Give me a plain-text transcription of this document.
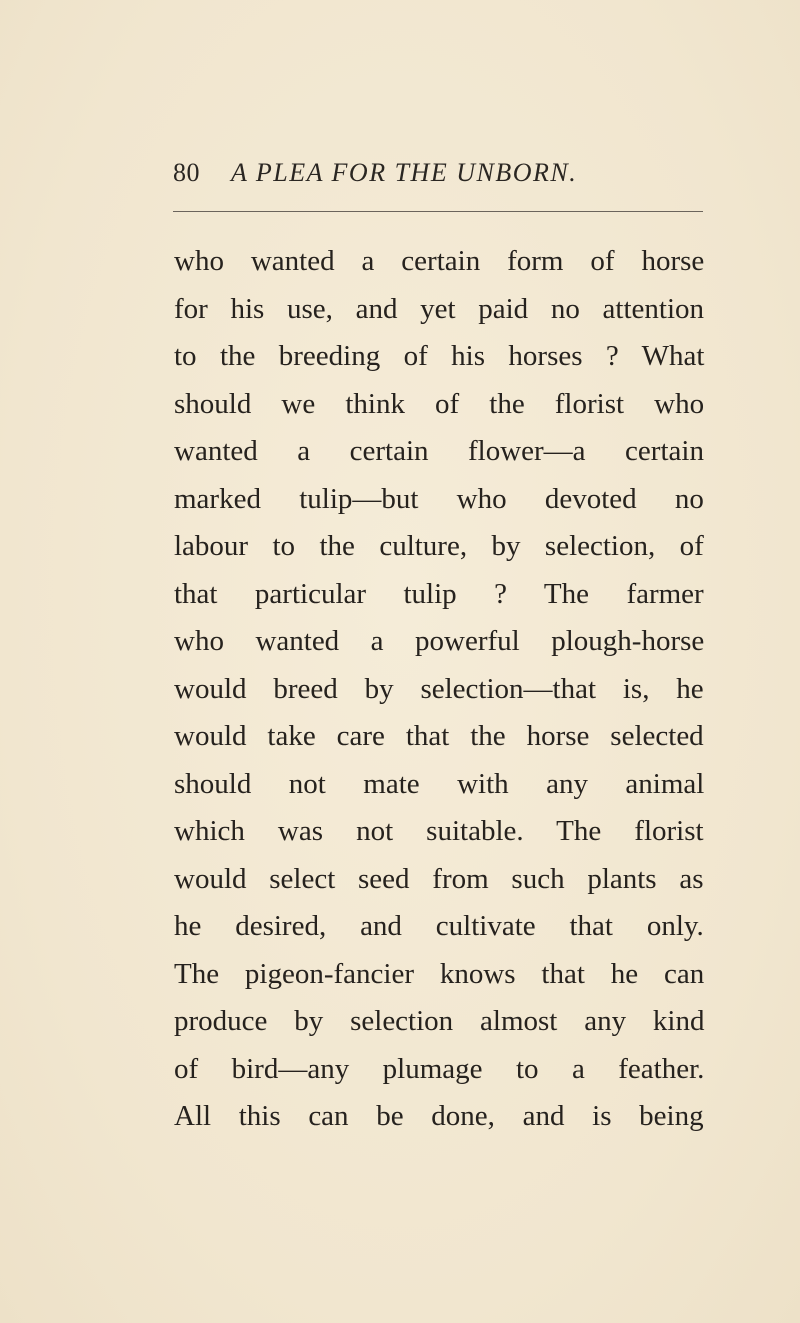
80 A PLEA FOR THE UNBORN.
who wanted a certain form of horse
for his use, and yet paid no attention
to the breeding of his horses ? What
should we think of the florist who
wanted a certain flower—a certain
marked tulip—but who devoted no
labour to the culture, by selection, of
that particular tulip ? The farmer
who wanted a powerful plough-horse
would breed by selection—that is, he
would take care that the horse selected
should not mate with any animal
which was not suitable. The florist
would select seed from such plants as
he desired, and cultivate that only.
The pigeon-fancier knows that he can
produce by selection almost any kind
of bird—any plumage to a feather.
All this can be done, and is being
